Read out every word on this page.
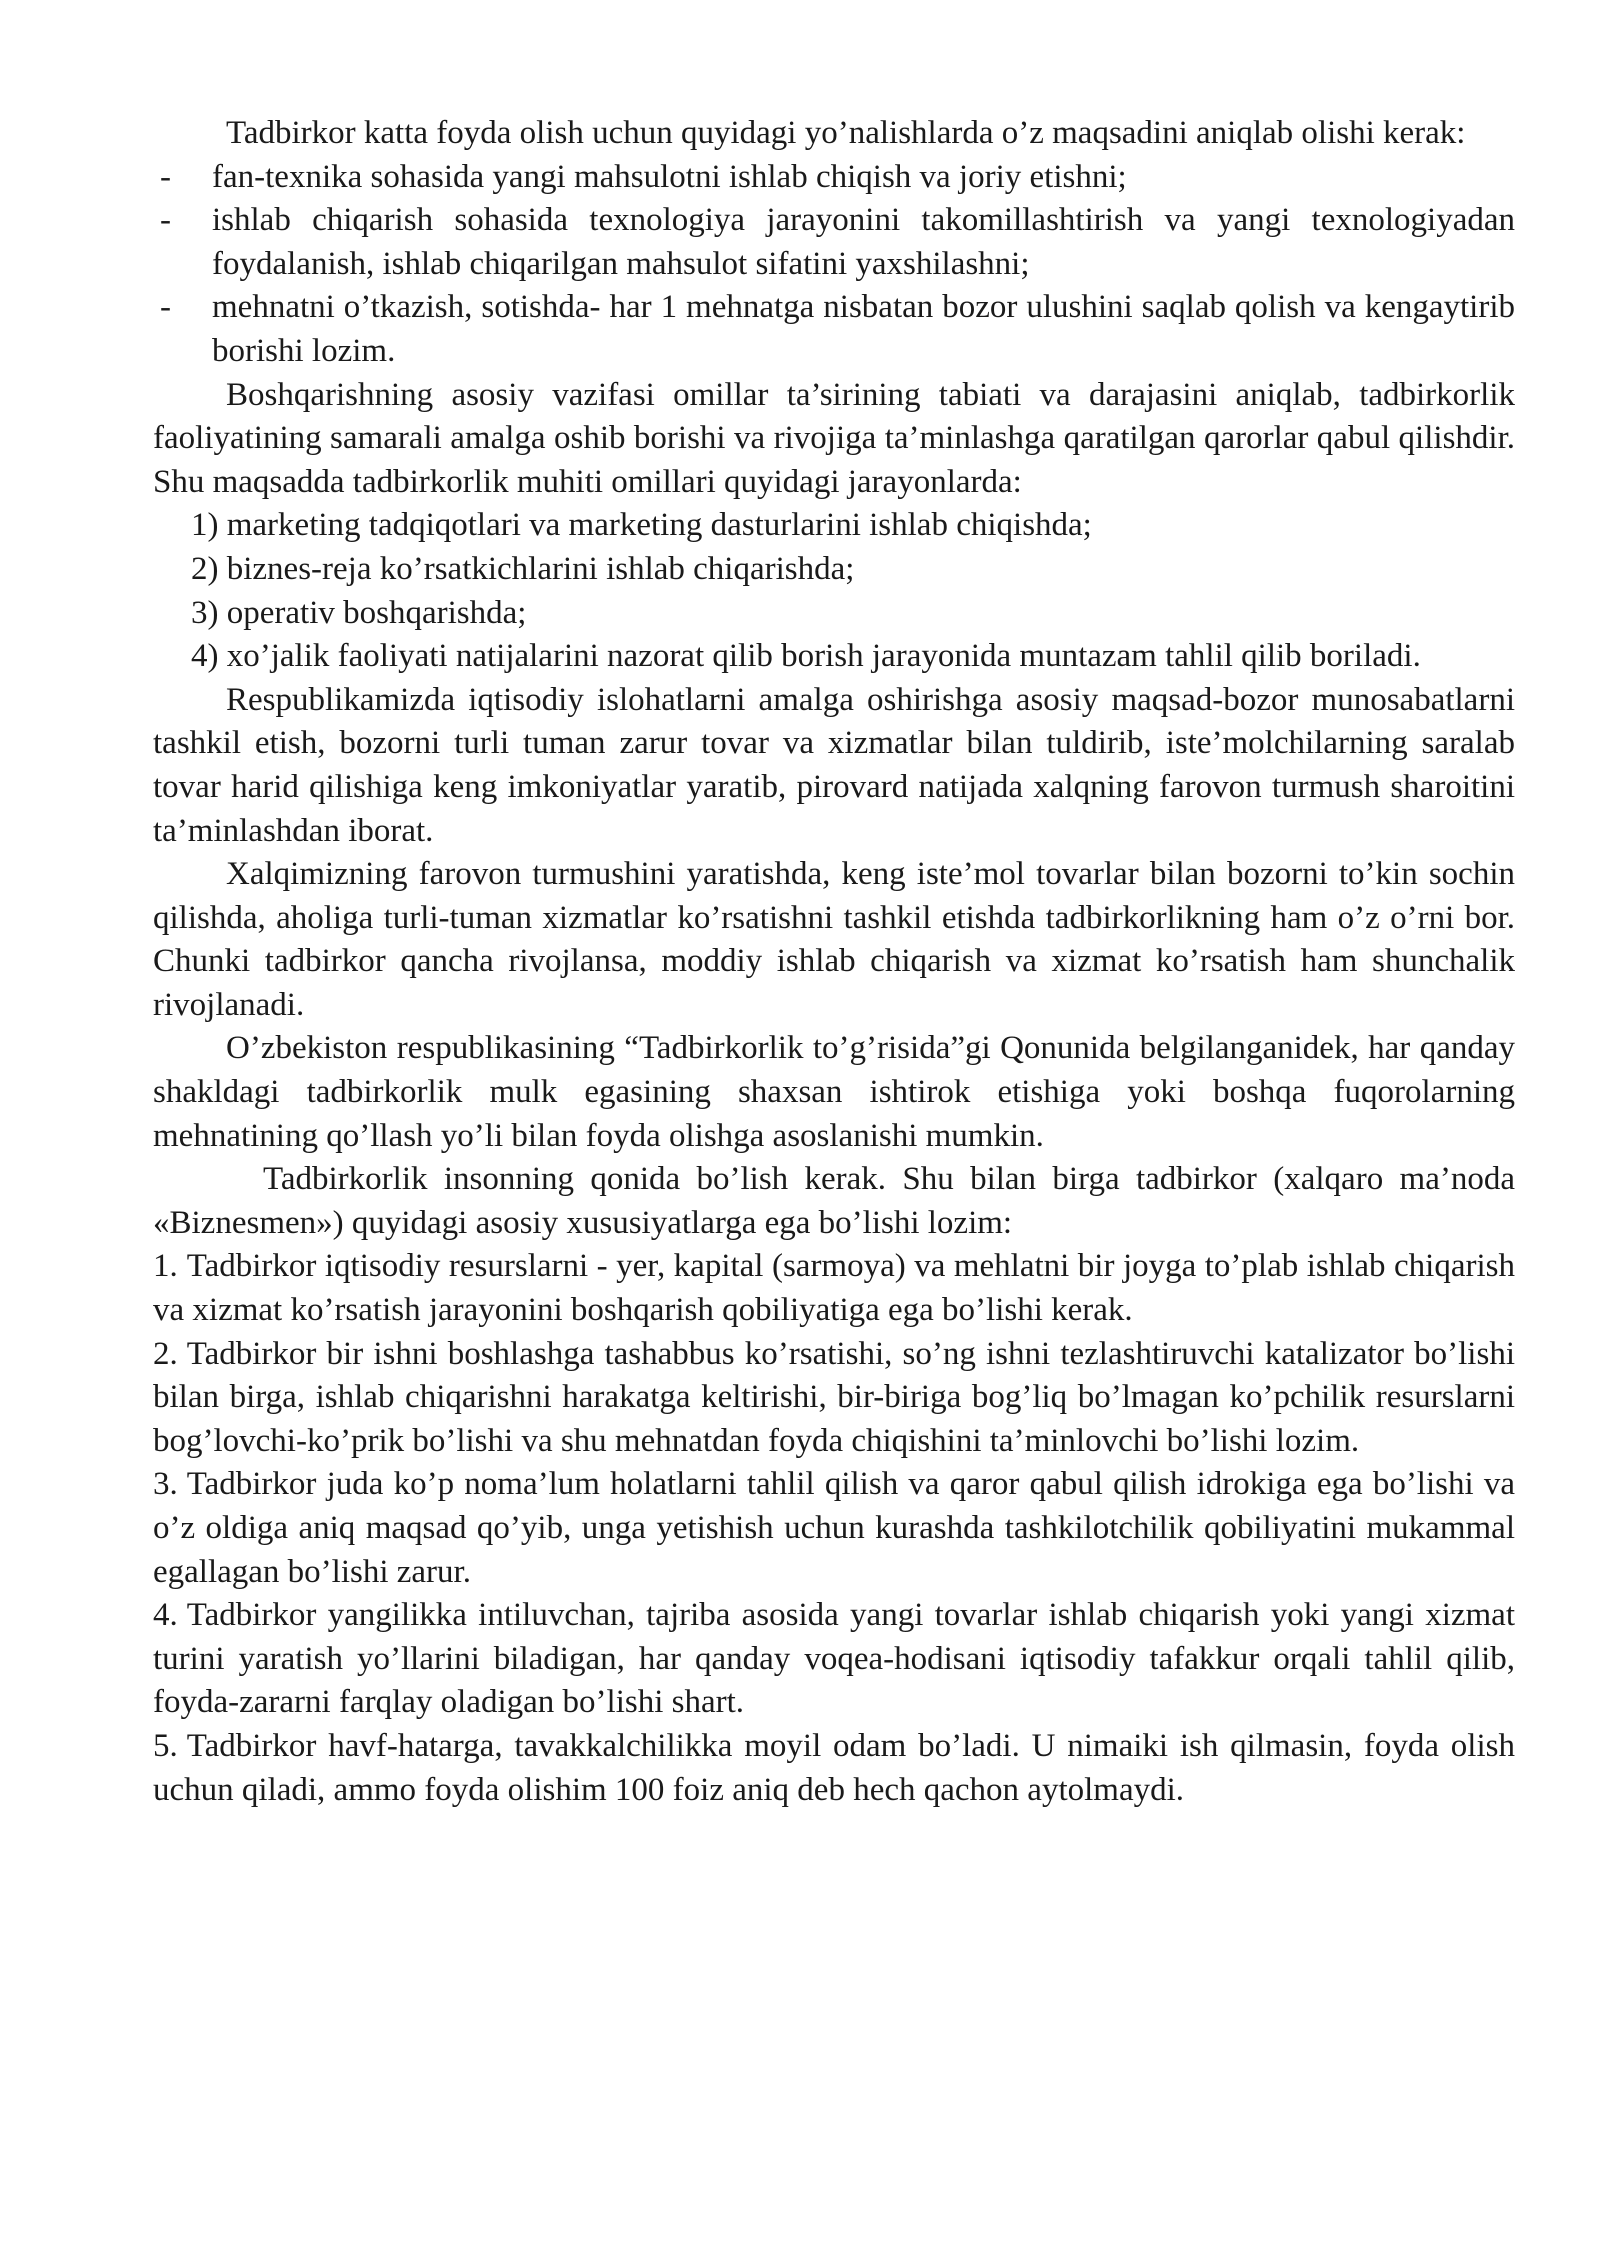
Tadbirkor katta foyda olish uchun quyidagi yo’nalishlarda o’z maqsadini aniqlab olishi kerak:

- fan-texnika sohasida yangi mahsulotni ishlab chiqish va joriy etishni;
- ishlab chiqarish sohasida texnologiya jarayonini takomillashtirish va yangi texnologiyadan foydalanish, ishlab chiqarilgan mahsulot sifatini yaxshilashni;
- mehnatni o’tkazish, sotishda- har 1 mehnatga nisbatan bozor ulushini saqlab qolish va kengaytirib borishi lozim.

Boshqarishning asosiy vazifasi omillar ta’sirining tabiati va darajasini aniqlab, tadbirkorlik faoliyatining samarali amalga oshib borishi va rivojiga ta’minlashga qaratilgan qarorlar qabul qilishdir. Shu maqsadda tadbirkorlik muhiti omillari quyidagi jarayonlarda:

1) marketing tadqiqotlari va marketing dasturlarini ishlab chiqishda;

2) biznes-reja ko’rsatkichlarini ishlab chiqarishda;

3) operativ boshqarishda;

4) xo’jalik faoliyati natijalarini nazorat qilib borish jarayonida muntazam tahlil qilib boriladi.

Respublikamizda iqtisodiy islohatlarni amalga oshirishga asosiy maqsad-bozor munosabatlarni tashkil etish, bozorni turli tuman zarur tovar va xizmatlar bilan tuldirib, iste’molchilarning saralab tovar harid qilishiga keng imkoniyatlar yaratib, pirovard natijada xalqning farovon turmush sharoitini ta’minlashdan iborat.

Xalqimizning farovon turmushini yaratishda, keng iste’mol tovarlar bilan bozorni to’kin sochin qilishda, aholiga turli-tuman xizmatlar ko’rsatishni tashkil etishda tadbirkorlikning ham o’z o’rni bor. Chunki tadbirkor qancha rivojlansa, moddiy ishlab chiqarish va xizmat ko’rsatish ham shunchalik rivojlanadi.

O’zbekiston respublikasining “Tadbirkorlik to’g’risida”gi Qonunida belgilanganidek, har qanday shakldagi tadbirkorlik mulk egasining shaxsan ishtirok etishiga yoki boshqa fuqorolarning mehnatining qo’llash yo’li bilan foyda olishga asoslanishi mumkin.

Tadbirkorlik insonning qonida bo’lish kerak. Shu bilan birga tadbirkor (xalqaro ma’noda «Biznesmen») quyidagi asosiy xususiyatlarga ega bo’lishi lozim:

1. Tadbirkor iqtisodiy resurslarni - yer, kapital (sarmoya) va mehlatni bir joyga to’plab ishlab chiqarish va xizmat ko’rsatish jarayonini boshqarish qobiliyatiga ega bo’lishi kerak.

2. Tadbirkor bir ishni boshlashga tashabbus ko’rsatishi, so’ng ishni tezlashtiruvchi katalizator bo’lishi bilan birga, ishlab chiqarishni harakatga keltirishi, bir-biriga bog’liq bo’lmagan ko’pchilik resurslarni bog’lovchi-ko’prik bo’lishi va shu mehnatdan foyda chiqishini ta’minlovchi bo’lishi lozim.

3. Tadbirkor juda ko’p noma’lum holatlarni tahlil qilish va qaror qabul qilish idrokiga ega bo’lishi va o’z oldiga aniq maqsad qo’yib, unga yetishish uchun kurashda tashkilotchilik qobiliyatini mukammal egallagan bo’lishi zarur.

4. Tadbirkor yangilikka intiluvchan, tajriba asosida yangi tovarlar ishlab chiqarish yoki yangi xizmat turini yaratish yo’llarini biladigan, har qanday voqea-hodisani iqtisodiy tafakkur orqali tahlil qilib, foyda-zararni farqlay oladigan bo’lishi shart.

5. Tadbirkor havf-hatarga, tavakkalchilikka moyil odam bo’ladi. U nimaiki ish qilmasin, foyda olish uchun qiladi, ammo foyda olishim 100 foiz aniq deb hech qachon aytolmaydi.
